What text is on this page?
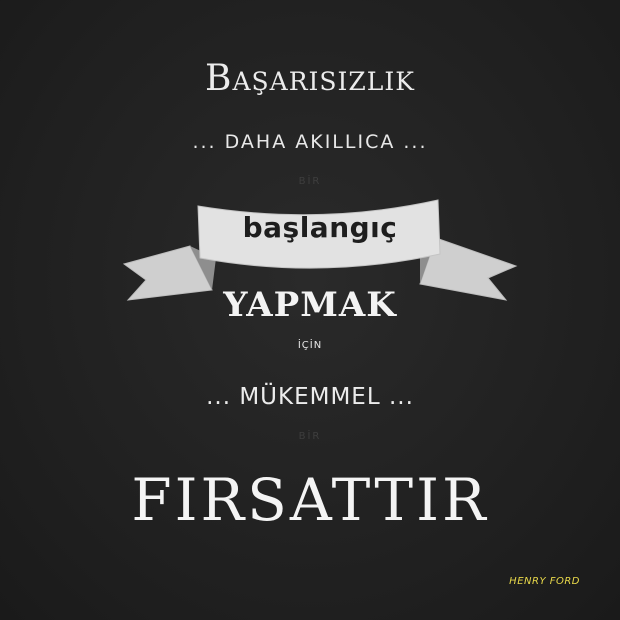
Başarısızlık
... DAHA AKILLICA ...
BİR
başlangıç
YAPMAK
İÇİN
... MÜKEMMEL ...
BİR
FIRSATTIR
HENRY FORD
